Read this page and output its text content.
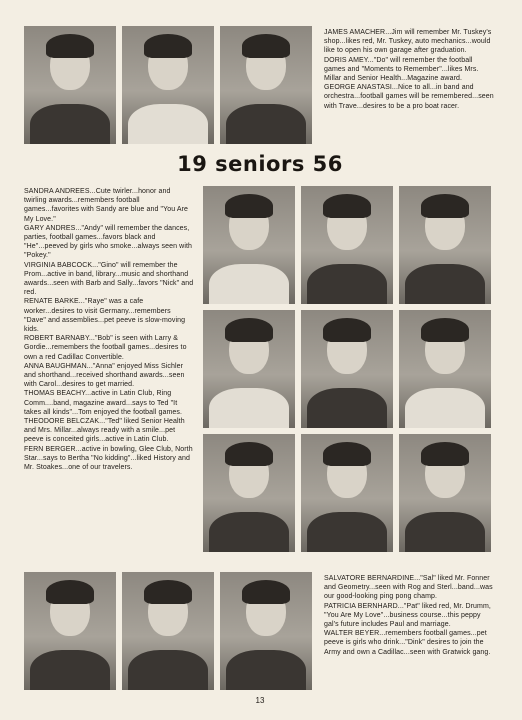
JAMES AMACHER...Jim will remember Mr. Tuskey's shop...likes red, Mr. Tuskey, auto mechanics...would like to open his own garage after graduation.

DORIS AMEY..."Do" will remember the football games and "Moments to Remember"...likes Mrs. Millar and Senior Health...Magazine award.

GEORGE ANASTASI...Nice to all...in band and orchestra...football games will be remembered...seen with Trave...desires to be a pro boat racer.

19 seniors 56

SANDRA ANDREES...Cute twirler...honor and twirling awards...remembers football games...favorites with Sandy are blue and "You Are My Love."

GARY ANDRES..."Andy" will remember the dances, parties, football games...favors black and "He"...peeved by girls who smoke...always seen with "Pokey."

VIRGINIA BABCOCK..."Gino" will remember the Prom...active in band, library...music and shorthand awards...seen with Barb and Sally...favors "Nick" and red.

RENATE BARKE..."Raye" was a cafe worker...desires to visit Germany...remembers "Dave" and assemblies...pet peeve is slow-moving kids.

ROBERT BARNABY..."Bob" is seen with Larry & Gordie...remembers the football games...desires to own a red Cadillac Convertible.

ANNA BAUGHMAN..."Anna" enjoyed Miss Sichler and shorthand...received shorthand awards...seen with Carol...desires to get married.

THOMAS BEACHY...active in Latin Club, Ring Comm....band, magazine award...says to Ted "It takes all kinds"...Tom enjoyed the football games.

THEODORE BELCZAK..."Ted" liked Senior Health and Mrs. Millar...always ready with a smile...pet peeve is conceited girls...active in Latin Club.

FERN BERGER...active in bowling, Glee Club, North Star...says to Bertha "No kidding"...liked History and Mr. Stoakes...one of our travelers.

SALVATORE BERNARDINE..."Sal" liked Mr. Fonner and Geometry...seen with Rog and Sterl...band...was our good-looking ping pong champ.

PATRICIA BERNHARD..."Pat" liked red, Mr. Drumm, "You Are My Love"...business course...this peppy gal's future includes Paul and marriage.

WALTER BEYER...remembers football games...pet peeve is girls who drink..."Dink" desires to join the Army and own a Cadillac...seen with Gratwick gang.

13
